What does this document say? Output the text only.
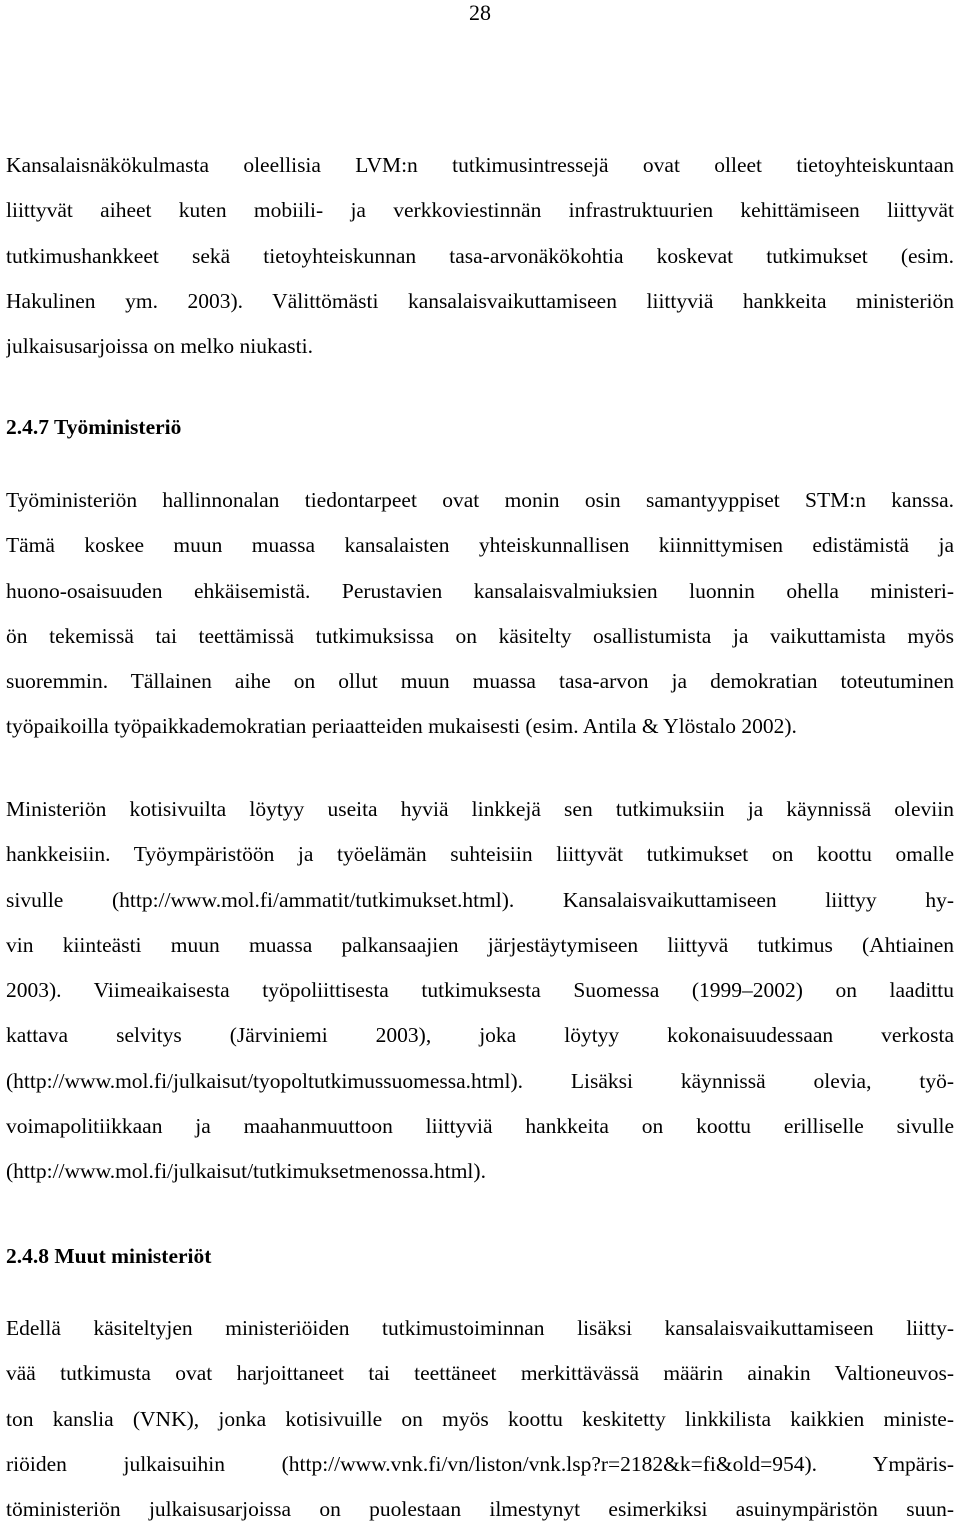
28
Kansalaisnäkökulmasta oleellisia LVM:n tutkimusintressejä ovat olleet tietoyhteiskuntaan
liittyvät aiheet kuten mobiili- ja verkkoviestinnän infrastruktuurien kehittämiseen liittyvät
tutkimushankkeet sekä tietoyhteiskunnan tasa-arvonäkökohtia koskevat tutkimukset (esim.
Hakulinen ym. 2003). Välittömästi kansalaisvaikuttamiseen liittyviä hankkeita ministeriön
julkaisusarjoissa on melko niukasti.
2.4.7 Työministeriö
Työministeriön hallinnonalan tiedontarpeet ovat monin osin samantyyppiset STM:n kanssa.
Tämä koskee muun muassa kansalaisten yhteiskunnallisen kiinnittymisen edistämistä ja
huono-osaisuuden ehkäisemistä. Perustavien kansalaisvalmiuksien luonnin ohella ministeri-
ön tekemissä tai teettämissä tutkimuksissa on käsitelty osallistumista ja vaikuttamista myös
suoremmin. Tällainen aihe on ollut muun muassa tasa-arvon ja demokratian toteutuminen
työpaikoilla työpaikkademokratian periaatteiden mukaisesti (esim. Antila & Ylöstalo 2002).
Ministeriön kotisivuilta löytyy useita hyviä linkkejä sen tutkimuksiin ja käynnissä oleviin
hankkeisiin. Työympäristöön ja työelämän suhteisiin liittyvät tutkimukset on koottu omalle
sivulle (http://www.mol.fi/ammatit/tutkimukset.html). Kansalaisvaikuttamiseen liittyy hy-
vin kiinteästi muun muassa palkansaajien järjestäytymiseen liittyvä tutkimus (Ahtiainen
2003). Viimeaikaisesta työpoliittisesta tutkimuksesta Suomessa (1999–2002) on laadittu
kattava selvitys (Järviniemi 2003), joka löytyy kokonaisuudessaan verkosta
(http://www.mol.fi/julkaisut/tyopoltutkimussuomessa.html). Lisäksi käynnissä olevia, työ-
voimapolitiikkaan ja maahanmuuttoon liittyviä hankkeita on koottu erilliselle sivulle
(http://www.mol.fi/julkaisut/tutkimuksetmenossa.html).
2.4.8 Muut ministeriöt
Edellä käsiteltyjen ministeriöiden tutkimustoiminnan lisäksi kansalaisvaikuttamiseen liitty-
vää tutkimusta ovat harjoittaneet tai teettäneet merkittävässä määrin ainakin Valtioneuvos-
ton kanslia (VNK), jonka kotisivuille on myös koottu keskitetty linkkilista kaikkien ministe-
riöiden julkaisuihin (http://www.vnk.fi/vn/liston/vnk.lsp?r=2182&k=fi&old=954). Ympäris-
töministeriön julkaisusarjoissa on puolestaan ilmestynyt esimerkiksi asuinympäristön suun-
